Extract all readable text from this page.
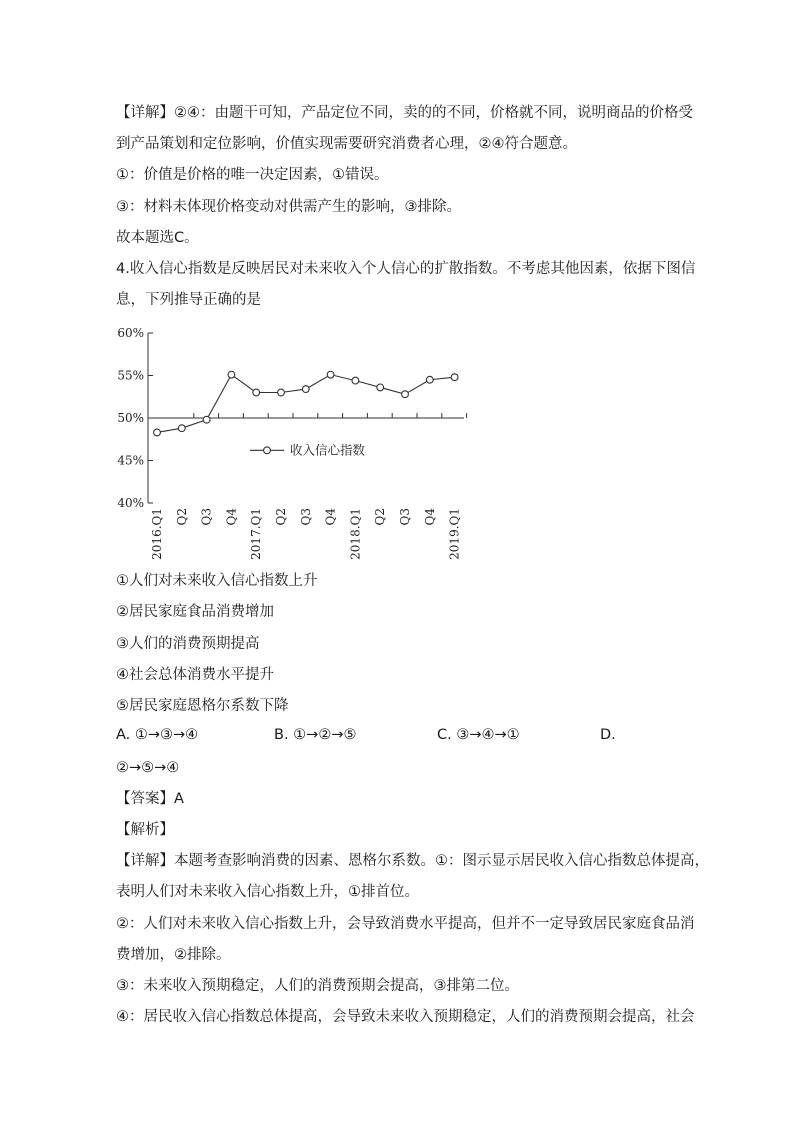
【详解】②④：由题干可知，产品定位不同，卖的的不同，价格就不同，说明商品的价格受
到产品策划和定位影响，价值实现需要研究消费者心理，②④符合题意。
①：价值是价格的唯一决定因素，①错误。
③：材料未体现价格变动对供需产生的影响，③排除。
故本题选C。
4.收入信心指数是反映居民对未来收入个人信心的扩散指数。不考虑其他因素，依据下图信
息，下列推导正确的是
40%
45%
50%
55%
60%
2016.Q1 Q2 Q3 Q4 2017.Q1 Q2 Q3 Q4 2018.Q1 Q2 Q3 Q4 2019.Q1
收入信心指数
①人们对未来收入信心指数上升
②居民家庭食品消费增加
③人们的消费预期提高
④社会总体消费水平提升
⑤居民家庭恩格尔系数下降
A. ①→③→④	B. ①→②→⑤	C. ③→④→①	D.
②→⑤→④
【答案】A
【解析】
【详解】本题考查影响消费的因素、恩格尔系数。①：图示显示居民收入信心指数总体提高，
表明人们对未来收入信心指数上升，①排首位。
②：人们对未来收入信心指数上升，会导致消费水平提高，但并不一定导致居民家庭食品消
费增加，②排除。
③：未来收入预期稳定，人们的消费预期会提高，③排第二位。
④：居民收入信心指数总体提高，会导致未来收入预期稳定，人们的消费预期会提高，社会
